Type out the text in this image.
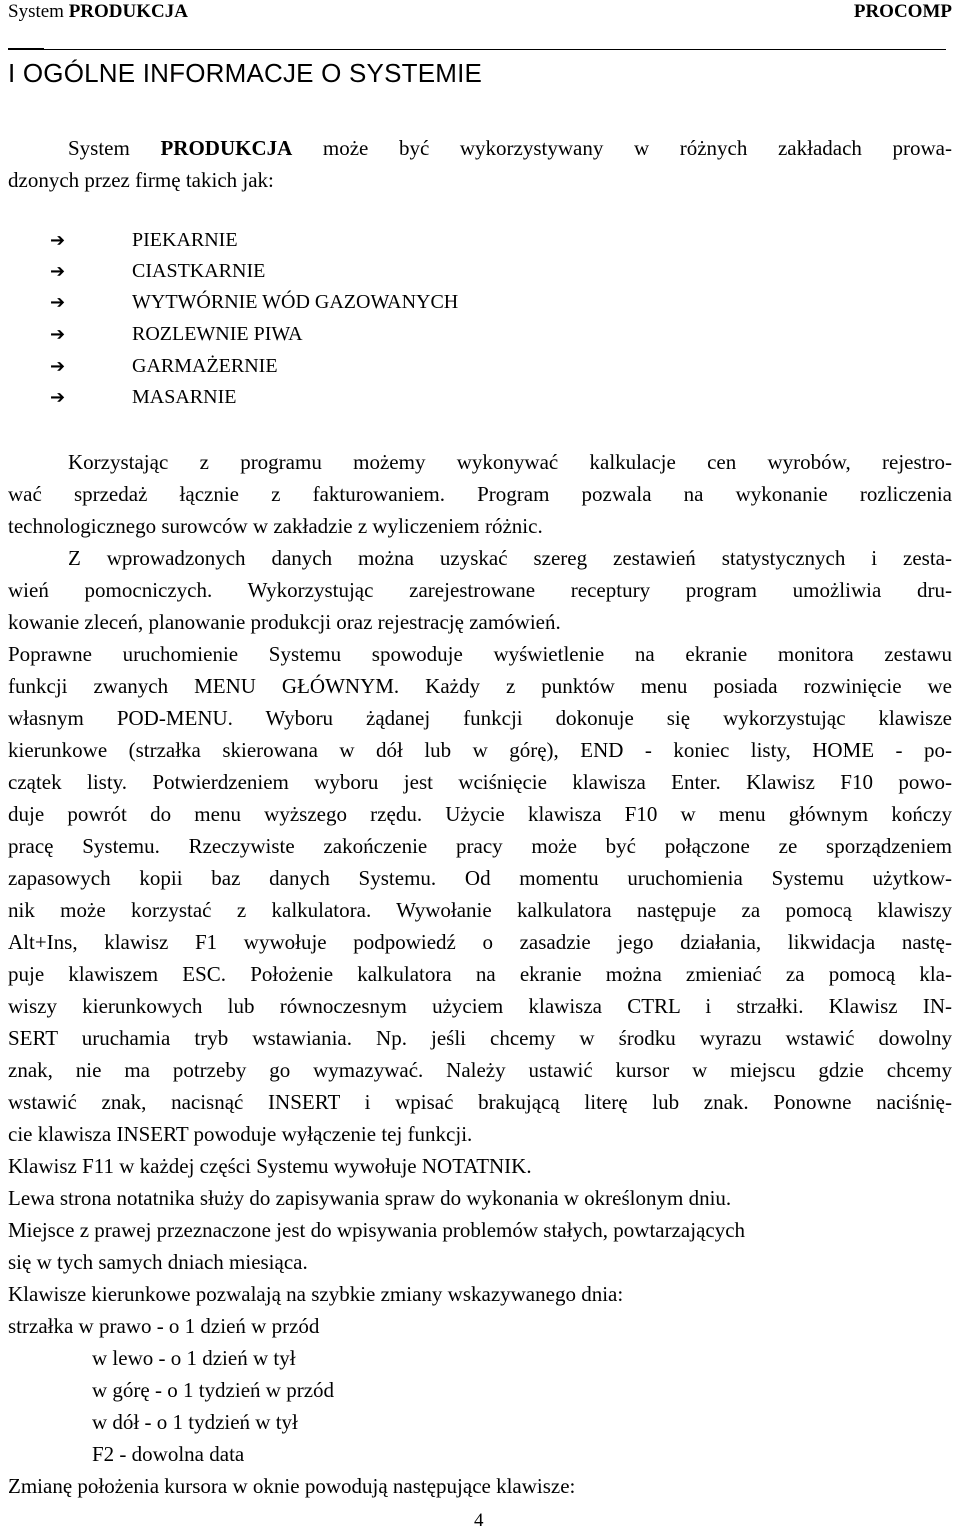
System PRODUKCJA	PROCOMP
I OGÓLNE INFORMACJE O SYSTEMIE
System PRODUKCJA może być wykorzystywany w różnych zakładach prowa-
dzonych przez firmę takich jak:
➔	PIEKARNIE
➔	CIASTKARNIE
➔	WYTWÓRNIE WÓD GAZOWANYCH
➔	ROZLEWNIE PIWA
➔	GARMAŻERNIE
➔	MASARNIE
Korzystając z programu możemy wykonywać kalkulacje cen wyrobów, rejestro-
wać sprzedaż łącznie z fakturowaniem. Program pozwala na wykonanie rozliczenia
technologicznego surowców w zakładzie z wyliczeniem różnic.
Z wprowadzonych danych można uzyskać szereg zestawień statystycznych i zesta-
wień pomocniczych. Wykorzystując zarejestrowane receptury program umożliwia dru-
kowanie zleceń, planowanie produkcji oraz rejestrację zamówień.
Poprawne uruchomienie Systemu spowoduje wyświetlenie na ekranie monitora zestawu
funkcji zwanych MENU GŁÓWNYM. Każdy z punktów menu posiada rozwinięcie we
własnym POD-MENU. Wyboru żądanej funkcji dokonuje się wykorzystując klawisze
kierunkowe (strzałka skierowana w dół lub w górę), END - koniec listy, HOME - po-
czątek listy. Potwierdzeniem wyboru jest wciśnięcie klawisza Enter. Klawisz F10 powo-
duje powrót do menu wyższego rzędu. Użycie klawisza F10 w menu głównym kończy
pracę Systemu. Rzeczywiste zakończenie pracy może być połączone ze sporządzeniem
zapasowych kopii baz danych Systemu. Od momentu uruchomienia Systemu użytkow-
nik może korzystać z kalkulatora. Wywołanie kalkulatora następuje za pomocą klawiszy
Alt+Ins, klawisz F1 wywołuje podpowiedź o zasadzie jego działania, likwidacja nastę-
puje klawiszem ESC. Położenie kalkulatora na ekranie można zmieniać za pomocą kla-
wiszy kierunkowych lub równoczesnym użyciem klawisza CTRL i strzałki. Klawisz IN-
SERT uruchamia tryb wstawiania. Np. jeśli chcemy w środku wyrazu wstawić dowolny
znak, nie ma potrzeby go wymazywać. Należy ustawić kursor w miejscu gdzie chcemy
wstawić znak, nacisnąć INSERT i wpisać brakującą literę lub znak. Ponowne naciśnię-
cie klawisza INSERT powoduje wyłączenie tej funkcji.
Klawisz F11 w każdej części Systemu wywołuje NOTATNIK.
Lewa strona notatnika służy do zapisywania spraw do wykonania w określonym dniu.
Miejsce z prawej przeznaczone jest do wpisywania problemów stałych, powtarzających
się w tych samych dniach miesiąca.
Klawisze kierunkowe pozwalają na szybkie zmiany wskazywanego dnia:
strzałka w prawo - o 1 dzień w przód
w lewo - o 1 dzień w tył
w górę - o 1 tydzień w przód
w dół - o 1 tydzień w tył
F2 - dowolna data
Zmianę położenia kursora w oknie powodują następujące klawisze:
4
